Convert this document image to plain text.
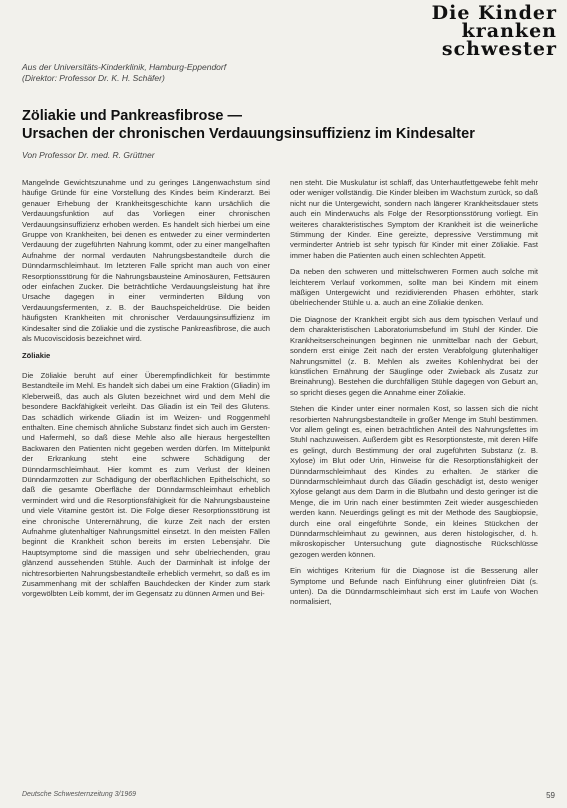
Die Kinder
kranken
schwester
Aus der Universitäts-Kinderklinik, Hamburg-Eppendorf
(Direktor: Professor Dr. K. H. Schäfer)
Zöliakie und Pankreasfibrose —
Ursachen der chronischen Verdauungsinsuffizienz im Kindesalter
Von Professor Dr. med. R. Grüttner

Mangelnde Gewichtszunahme und zu geringes Längenwachstum sind häufige Gründe für eine Vorstellung des Kindes beim Kinderarzt. Bei genauer Erhebung der Krankheitsgeschichte kann ursächlich die Verdauungsfunktion auf das Vorliegen einer chronischen Verdauungsinsuffizienz erhoben werden. Es handelt sich hierbei um eine Gruppe von Krankheiten, bei denen es entweder zu einer verminderten Verdauung der zugeführten Nahrung kommt, oder zu einer mangelhaften Aufnahme der normal verdauten Nahrungsbestandteile durch die Dünndarmschleimhaut. Im letzteren Falle spricht man auch von einer Resorptionsstörung für die Nahrungsbausteine Aminosäuren, Fettsäuren oder einfachen Zucker. Die beträchtliche Verdauungsleistung hat ihre Ursache dagegen in einer verminderten Bildung von Verdauungsfermenten, z. B. der Bauchspeicheldrüse. Die beiden häufigsten Krankheiten mit chronischer Verdauungsinsuffizienz im Kindesalter sind die Zöliakie und die zystische Pankreasfibrose, die auch als Mucoviscidosis bezeichnet wird.

Zöliakie

Die Zöliakie beruht auf einer Überempfindlichkeit für bestimmte Bestandteile im Mehl. Es handelt sich dabei um eine Fraktion (Gliadin) im Kleberweiß, das auch als Gluten bezeichnet wird und dem Mehl die besondere Backfähigkeit verleiht. Das Gliadin ist ein Teil des Glutens. Das schädlich wirkende Gliadin ist im Weizen- und Roggenmehl enthalten. Eine chemisch ähnliche Substanz findet sich auch im Gersten- und Hafermehl, so daß diese Mehle also alle hieraus hergestellten Backwaren den Patienten nicht gegeben werden dürfen. Im Mittelpunkt der Erkrankung steht eine schwere Schädigung der Dünndarmschleimhaut. Hier kommt es zum Verlust der kleinen Dünndarmzotten zur Schädigung der oberflächlichen Epithelschicht, so daß die gesamte Oberfläche der Dünndarmschleimhaut erheblich vermindert wird und die Resorptionsfähigkeit für die Nahrungsbausteine und viele Vitamine gestört ist. Die Folge dieser Resorptionsstörung ist eine chronische Unterernährung, die kurze Zeit nach der ersten Aufnahme glutenhaltiger Nahrungsmittel einsetzt. In den meisten Fällen beginnt die Krankheit schon bereits im ersten Lebensjahr. Die Hauptsymptome sind die massigen und sehr übelriechenden, grau glänzend aussehenden Stühle. Auch der Darminhalt ist infolge der nichtresorbierten Nahrungsbestandteile erheblich vermehrt, so daß es im Zusammenhang mit der schlaffen Bauchdecken der Kinder zum stark vorgewölbten Leib kommt, der im Gegensatz zu dünnen Armen und Bei-

nen steht. Die Muskulatur ist schlaff, das Unterhautfettgewebe fehlt mehr oder weniger vollständig. Die Kinder bleiben im Wachstum zurück, so daß nicht nur die Untergewicht, sondern nach längerer Krankheitsdauer stets auch ein Minderwuchs als Folge der Resorptionsstörung vorliegt. Ein weiteres charakteristisches Symptom der Krankheit ist die weinerliche Stimmung der Kinder. Eine gereizte, depressive Verstimmung mit verminderter Antrieb ist sehr typisch für Kinder mit einer Zöliakie. Fast immer haben die Patienten auch einen schlechten Appetit.

Da neben den schweren und mittelschweren Formen auch solche mit leichterem Verlauf vorkommen, sollte man bei Kindern mit einem mäßigen Untergewicht und rezidivierenden Phasen erhöhter, stark übelriechender Stühle u. a. auch an eine Zöliakie denken.

Die Diagnose der Krankheit ergibt sich aus dem typischen Verlauf und dem charakteristischen Laboratoriumsbefund im Stuhl der Kinder. Die Krankheitserscheinungen beginnen nie unmittelbar nach der Geburt, sondern erst einige Zeit nach der ersten Verabfolgung glutenhaltiger Nahrungsmittel (z. B. Mehlen als zweites Kohlenhydrat bei der künstlichen Ernährung der Säuglinge oder Zwieback als Zusatz zur Breinahrung). Bestehen die durchfälligen Stühle dagegen von Geburt an, so spricht dieses gegen die Annahme einer Zöliakie.

Stehen die Kinder unter einer normalen Kost, so lassen sich die nicht resorbierten Nahrungsbestandteile in großer Menge im Stuhl bestimmen. Vor allem gelingt es, einen beträchtlichen Anteil des Nahrungsfettes im Stuhl nachzuweisen. Außerdem gibt es Resorptionsteste, mit deren Hilfe es gelingt, durch Bestimmung der oral zugeführten Substanz (z. B. Xylose) im Blut oder Urin, Hinweise für die Resorptionsfähigkeit der Dünndarmschleimhaut des Kindes zu erhalten. Je stärker die Dünndarmschleimhaut durch das Gliadin geschädigt ist, desto weniger Xylose gelangt aus dem Darm in die Blutbahn und desto geringer ist die Menge, die im Urin nach einer bestimmten Zeit wieder ausgeschieden werden kann. Neuerdings gelingt es mit der Methode des Saugbiopsie, durch eine oral eingeführte Sonde, ein kleines Stückchen der Dünndarmschleimhaut zu gewinnen, aus deren histologischer, d. h. mikroskopischer Untersuchung gute diagnostische Rückschlüsse gezogen werden können.

Ein wichtiges Kriterium für die Diagnose ist die Besserung aller Symptome und Befunde nach Einführung einer glutinfreien Diät (s. unten). Da die Dünndarmschleimhaut sich erst im Laufe von Wochen normalisiert,

Deutsche Schwesternzeitung 3/1969	59
